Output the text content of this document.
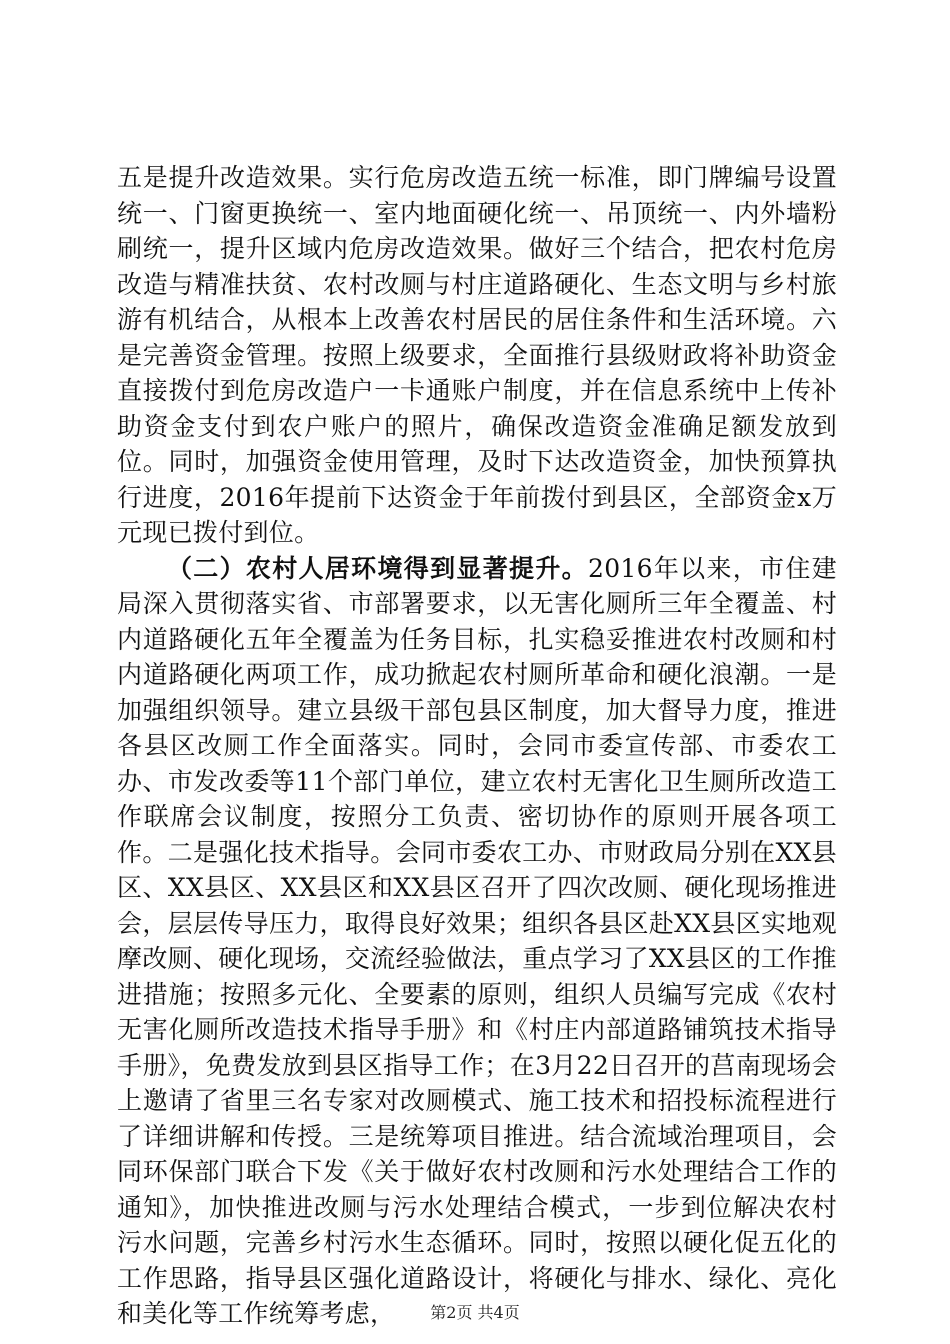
五是提升改造效果。实行危房改造五统一标准，即门牌编号设置统一、门窗更换统一、室内地面硬化统一、吊顶统一、内外墙粉刷统一，提升区域内危房改造效果。做好三个结合，把农村危房改造与精准扶贫、农村改厕与村庄道路硬化、生态文明与乡村旅游有机结合，从根本上改善农村居民的居住条件和生活环境。六是完善资金管理。按照上级要求，全面推行县级财政将补助资金直接拨付到危房改造户一卡通账户制度，并在信息系统中上传补助资金支付到农户账户的照片，确保改造资金准确足额发放到位。同时，加强资金使用管理，及时下达改造资金，加快预算执行进度，2016年提前下达资金于年前拨付到县区，全部资金x万元现已拨付到位。

（二）农村人居环境得到显著提升。2016年以来，市住建局深入贯彻落实省、市部署要求，以无害化厕所三年全覆盖、村内道路硬化五年全覆盖为任务目标，扎实稳妥推进农村改厕和村内道路硬化两项工作，成功掀起农村厕所革命和硬化浪潮。一是加强组织领导。建立县级干部包县区制度，加大督导力度，推进各县区改厕工作全面落实。同时，会同市委宣传部、市委农工办、市发改委等11个部门单位，建立农村无害化卫生厕所改造工作联席会议制度，按照分工负责、密切协作的原则开展各项工作。二是强化技术指导。会同市委农工办、市财政局分别在XX县区、XX县区、XX县区和XX县区召开了四次改厕、硬化现场推进会，层层传导压力，取得良好效果；组织各县区赴XX县区实地观摩改厕、硬化现场，交流经验做法，重点学习了XX县区的工作推进措施；按照多元化、全要素的原则，组织人员编写完成《农村无害化厕所改造技术指导手册》和《村庄内部道路铺筑技术指导手册》，免费发放到县区指导工作；在3月22日召开的莒南现场会上邀请了省里三名专家对改厕模式、施工技术和招投标流程进行了详细讲解和传授。三是统筹项目推进。结合流域治理项目，会同环保部门联合下发《关于做好农村改厕和污水处理结合工作的通知》，加快推进改厕与污水处理结合模式，一步到位解决农村污水问题，完善乡村污水生态循环。同时，按照以硬化促五化的工作思路，指导县区强化道路设计，将硬化与排水、绿化、亮化和美化等工作统筹考虑，	第2页 共4页
